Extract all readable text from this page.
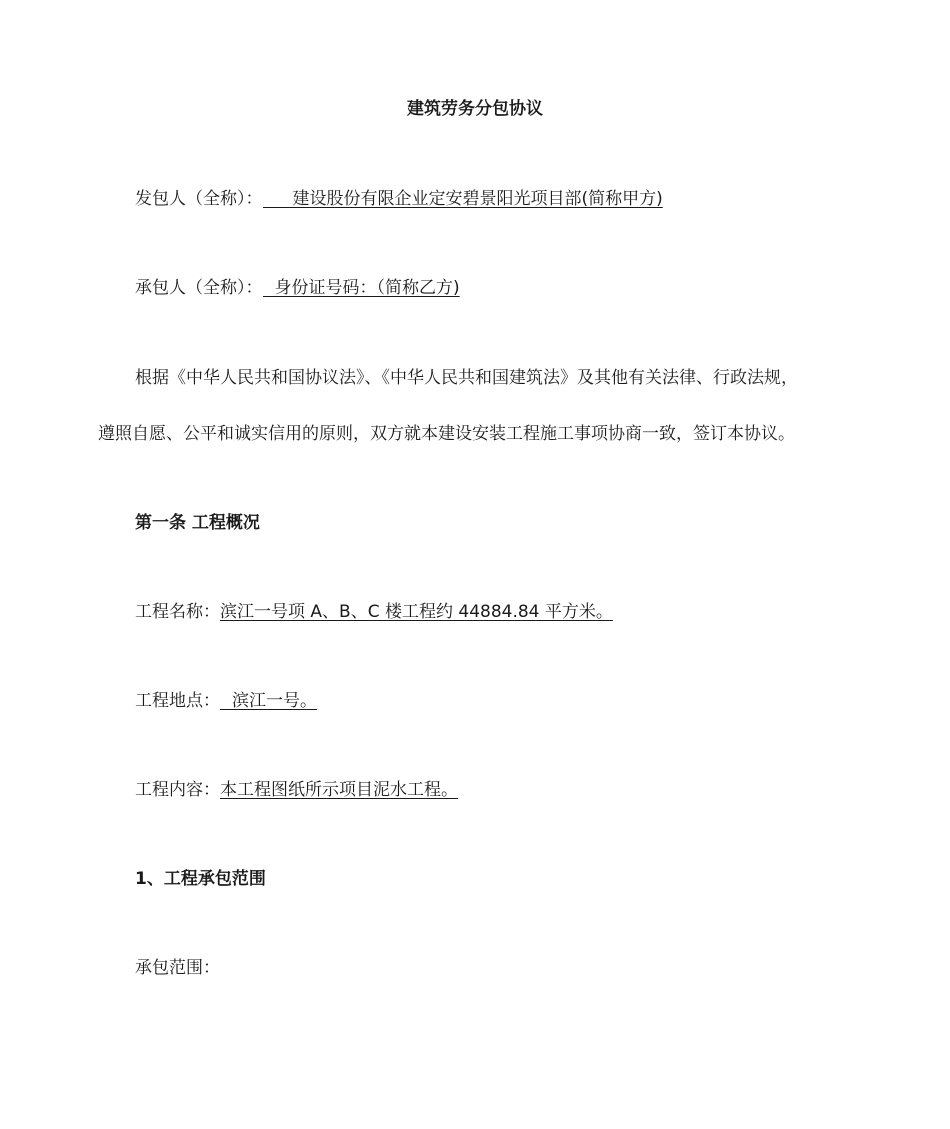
建筑劳务分包协议
发包人（全称）： 建设股份有限企业定安碧景阳光项目部(简称甲方)
承包人（全称）： 身份证号码：（简称乙方)
根据《中华人民共和国协议法》、《中华人民共和国建筑法》及其他有关法律、行政法规，
遵照自愿、公平和诚实信用的原则，双方就本建设安装工程施工事项协商一致，签订本协议。
第一条 工程概况
工程名称：滨江一号项 A、B、C 楼工程约 44884.84 平方米。
工程地点： 滨江一号。
工程内容：本工程图纸所示项目泥水工程。
1、工程承包范围
承包范围：
